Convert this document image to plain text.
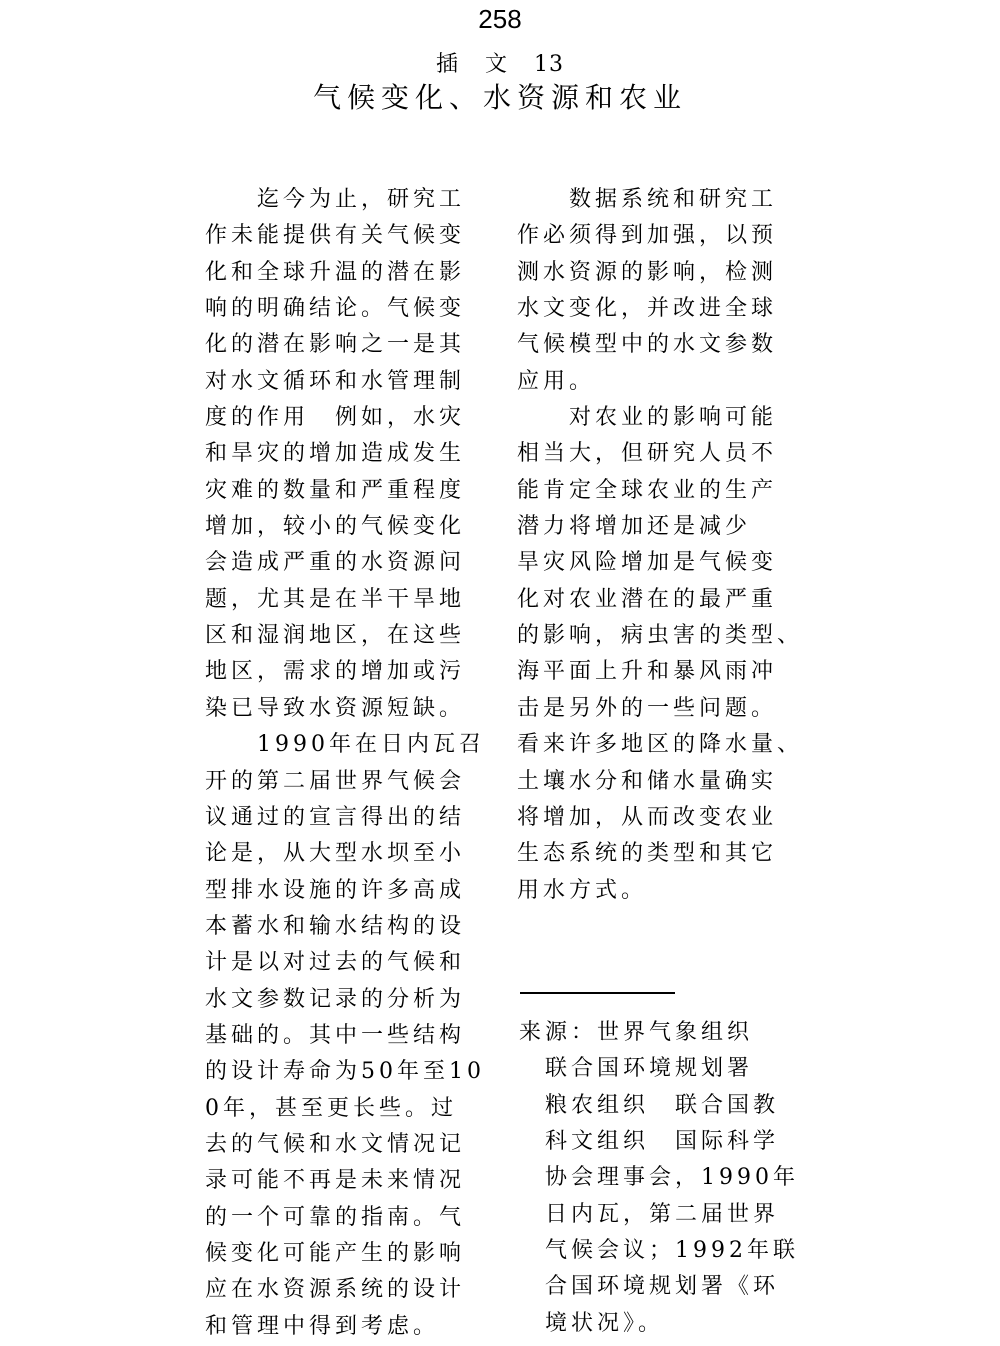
258
插 文 13
气候变化、水资源和农业
　　迄今为止，研究工
作未能提供有关气候变
化和全球升温的潜在影
响的明确结论。气候变
化的潜在影响之一是其
对水文循环和水管理制
度的作用　例如，水灾
和旱灾的增加造成发生
灾难的数量和严重程度
增加，较小的气候变化
会造成严重的水资源问
题，尤其是在半干旱地
区和湿润地区，在这些
地区，需求的增加或污
染已导致水资源短缺。
　　1990年在日内瓦召
开的第二届世界气候会
议通过的宣言得出的结
论是，从大型水坝至小
型排水设施的许多高成
本蓄水和输水结构的设
计是以对过去的气候和
水文参数记录的分析为
基础的。其中一些结构
的设计寿命为50年至10
0年，甚至更长些。过
去的气候和水文情况记
录可能不再是未来情况
的一个可靠的指南。气
候变化可能产生的影响
应在水资源系统的设计
和管理中得到考虑。
　　数据系统和研究工
作必须得到加强，以预
测水资源的影响，检测
水文变化，并改进全球
气候模型中的水文参数
应用。
　　对农业的影响可能
相当大，但研究人员不
能肯定全球农业的生产
潜力将增加还是减少
旱灾风险增加是气候变
化对农业潜在的最严重
的影响，病虫害的类型、
海平面上升和暴风雨冲
击是另外的一些问题。
看来许多地区的降水量、
土壤水分和储水量确实
将增加，从而改变农业
生态系统的类型和其它
用水方式。
来源：世界气象组织
联合国环境规划署
粮农组织　联合国教
科文组织　国际科学
协会理事会，1990年
日内瓦，第二届世界
气候会议；1992年联
合国环境规划署《环
境状况》。
